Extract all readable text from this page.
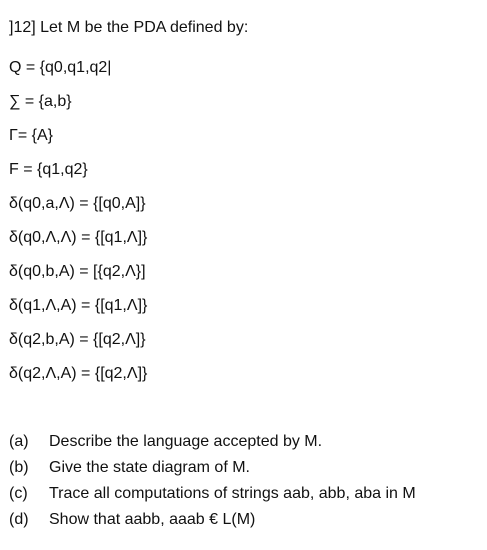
]12] Let M be the PDA defined by:
Q = {q0,q1,q2|
∑ = {a,b}
Γ= {A}
F = {q1,q2}
δ(q0,a,Λ) = {[q0,A]}
δ(q0,Λ,Λ) = {[q1,Λ]}
δ(q0,b,A) = [{q2,Λ}]
δ(q1,Λ,A) = {[q1,Λ]}
δ(q2,b,A) = {[q2,Λ]}
δ(q2,Λ,A) = {[q2,Λ]}
(a) Describe the language accepted by M.
(b) Give the state diagram of M.
(c) Trace all computations of strings aab, abb, aba in M
(d) Show that aabb, aaab € L(M)
